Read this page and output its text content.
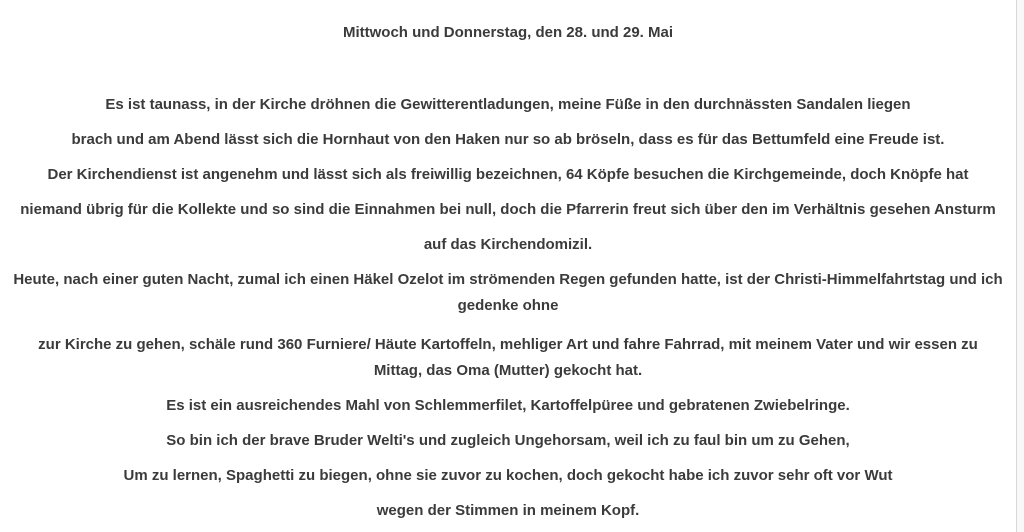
Mittwoch und Donnerstag, den 28. und 29. Mai
Es ist taunass, in der Kirche dröhnen die Gewitterentladungen, meine Füße in den durchnässten Sandalen liegen
brach und am Abend lässt sich die Hornhaut von den Haken nur so ab bröseln, dass es für das Bettumfeld eine Freude ist.
Der Kirchendienst ist angenehm und lässt sich als freiwillig bezeichnen, 64 Köpfe besuchen die Kirchgemeinde, doch Knöpfe hat
niemand übrig für die Kollekte und so sind die Einnahmen bei null, doch die Pfarrerin freut sich über den im Verhältnis gesehen Ansturm
auf das Kirchendomizil.
Heute, nach einer guten Nacht, zumal ich einen Häkel Ozelot im strömenden Regen gefunden hatte, ist der Christi-Himmelfahrtstag und ich
gedenke ohne
zur Kirche zu gehen, schäle rund 360 Furniere/ Häute Kartoffeln, mehliger Art und fahre Fahrrad, mit meinem Vater und wir essen zu
Mittag, das Oma (Mutter) gekocht hat.
Es ist ein ausreichendes Mahl von Schlemmerfilet, Kartoffelpüree und gebratenen Zwiebelringe.
So bin ich der brave Bruder Welti's und zugleich Ungehorsam, weil ich zu faul bin um zu Gehen,
Um zu lernen, Spaghetti zu biegen, ohne sie zuvor zu kochen, doch gekocht habe ich zuvor sehr oft vor Wut
wegen der Stimmen in meinem Kopf.
